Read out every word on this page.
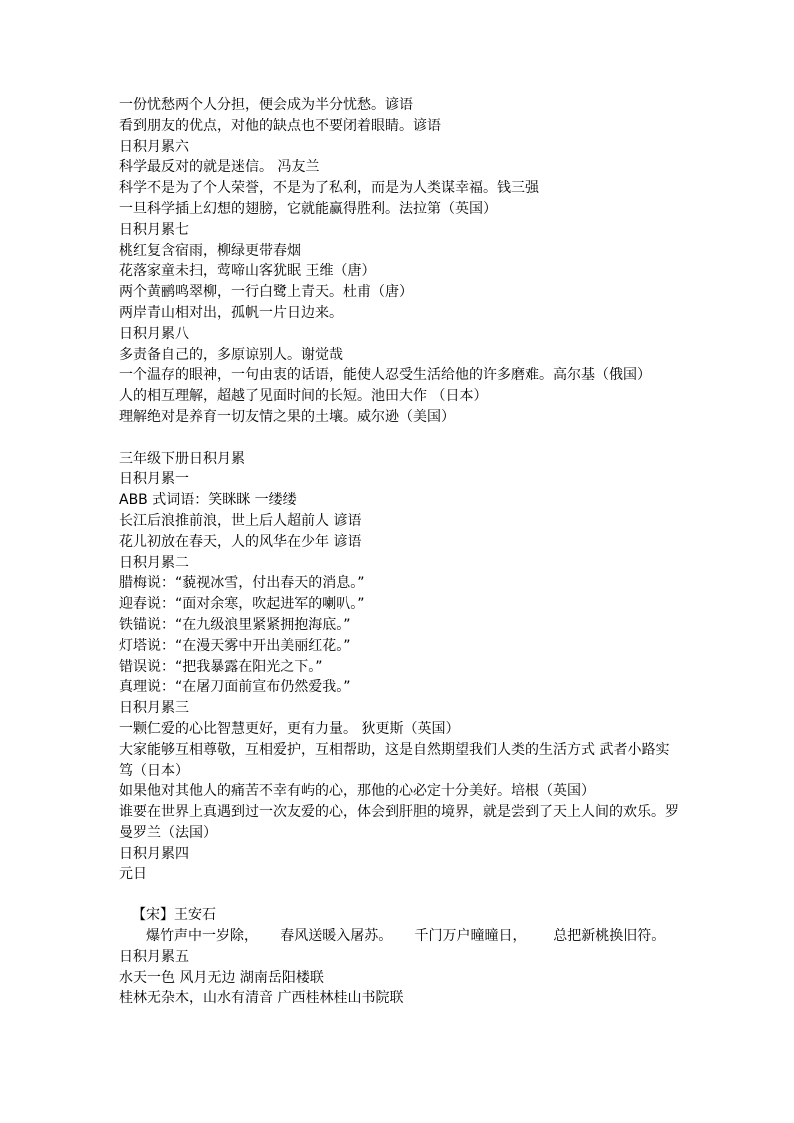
一份忧愁两个人分担，便会成为半分忧愁。谚语
看到朋友的优点，对他的缺点也不要闭着眼睛。谚语
日积月累六
科学最反对的就是迷信。 冯友兰
科学不是为了个人荣誉，不是为了私利，而是为人类谋幸福。钱三强
一旦科学插上幻想的翅膀，它就能赢得胜利。法拉第（英国）
日积月累七
桃红复含宿雨，柳绿更带春烟
花落家童未扫，莺啼山客犹眠 王维（唐）
两个黄鹂鸣翠柳，一行白鹭上青天。杜甫（唐）
两岸青山相对出，孤帆一片日边来。
日积月累八
多责备自己的，多原谅别人。谢觉哉
一个温存的眼神，一句由衷的话语，能使人忍受生活给他的许多磨难。高尔基（俄国）
人的相互理解，超越了见面时间的长短。池田大作 （日本）
理解绝对是养育一切友情之果的土壤。威尔逊（美国）
三年级下册日积月累
日积月累一
ABB 式词语：笑眯眯 一缕缕
长江后浪推前浪，世上后人超前人 谚语
花儿初放在春天，人的风华在少年 谚语
日积月累二
腊梅说：“藐视冰雪，付出春天的消息。”
迎春说：“面对余寒，吹起进军的喇叭。”
铁锚说：“在九级浪里紧紧拥抱海底。”
灯塔说：“在漫天雾中开出美丽红花。”
错误说：“把我暴露在阳光之下。”
真理说：“在屠刀面前宣布仍然爱我。”
日积月累三
一颗仁爱的心比智慧更好，更有力量。 狄更斯（英国）
大家能够互相尊敬，互相爱护，互相帮助，这是自然期望我们人类的生活方式 武者小路实
笃（日本）
如果他对其他人的痛苦不幸有屿的心，那他的心必定十分美好。培根（英国）
谁要在世界上真遇到过一次友爱的心，体会到肝胆的境界，就是尝到了天上人间的欢乐。罗
曼罗兰（法国）
日积月累四
元日
【宋】王安石
爆竹声中一岁除，     春风送暖入屠苏。     千门万户曈曈日，      总把新桃换旧符。
日积月累五
水天一色 风月无边 湖南岳阳楼联
桂林无杂木，山水有清音 广西桂林桂山书院联
